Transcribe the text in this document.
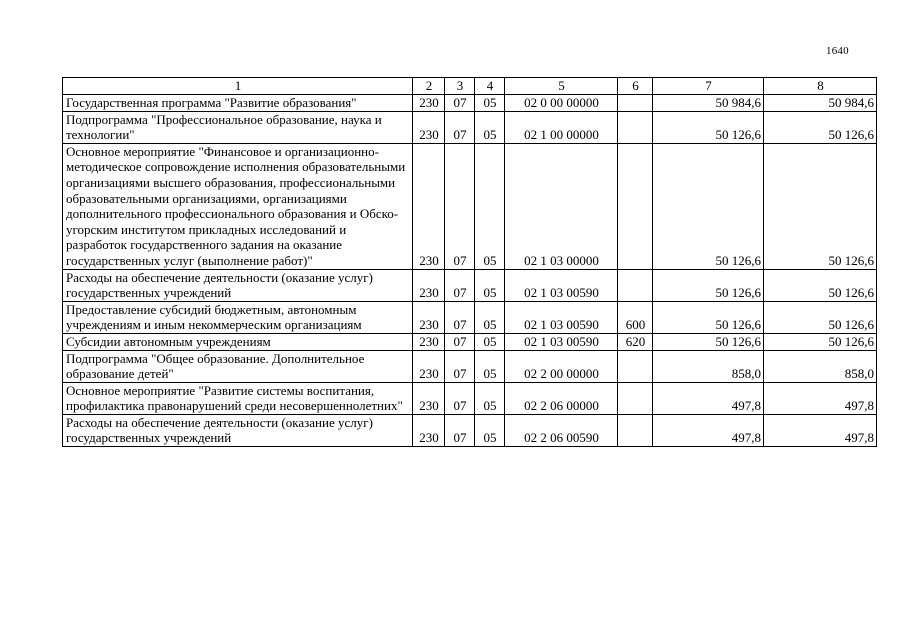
1640
1	2	3	4	5	6	7	8
Государственная программа "Развитие образования"	230	07	05	02 0 00 00000		50 984,6	50 984,6
Подпрограмма "Профессиональное образование, наука и технологии"	230	07	05	02 1 00 00000		50 126,6	50 126,6
Основное мероприятие "Финансовое и организационно-методическое сопровождение исполнения образовательными организациями высшего образования, профессиональными образовательными организациями, организациями дополнительного профессионального образования и Обско-угорским институтом прикладных исследований и разработок государственного задания на оказание государственных услуг (выполнение работ)"	230	07	05	02 1 03 00000		50 126,6	50 126,6
Расходы на обеспечение деятельности (оказание услуг) государственных учреждений	230	07	05	02 1 03 00590		50 126,6	50 126,6
Предоставление субсидий бюджетным, автономным учреждениям и иным некоммерческим организациям	230	07	05	02 1 03 00590	600	50 126,6	50 126,6
Субсидии автономным учреждениям	230	07	05	02 1 03 00590	620	50 126,6	50 126,6
Подпрограмма "Общее образование. Дополнительное образование детей"	230	07	05	02 2 00 00000		858,0	858,0
Основное мероприятие "Развитие системы воспитания, профилактика правонарушений среди несовершеннолетних"	230	07	05	02 2 06 00000		497,8	497,8
Расходы на обеспечение деятельности (оказание услуг) государственных учреждений	230	07	05	02 2 06 00590		497,8	497,8
